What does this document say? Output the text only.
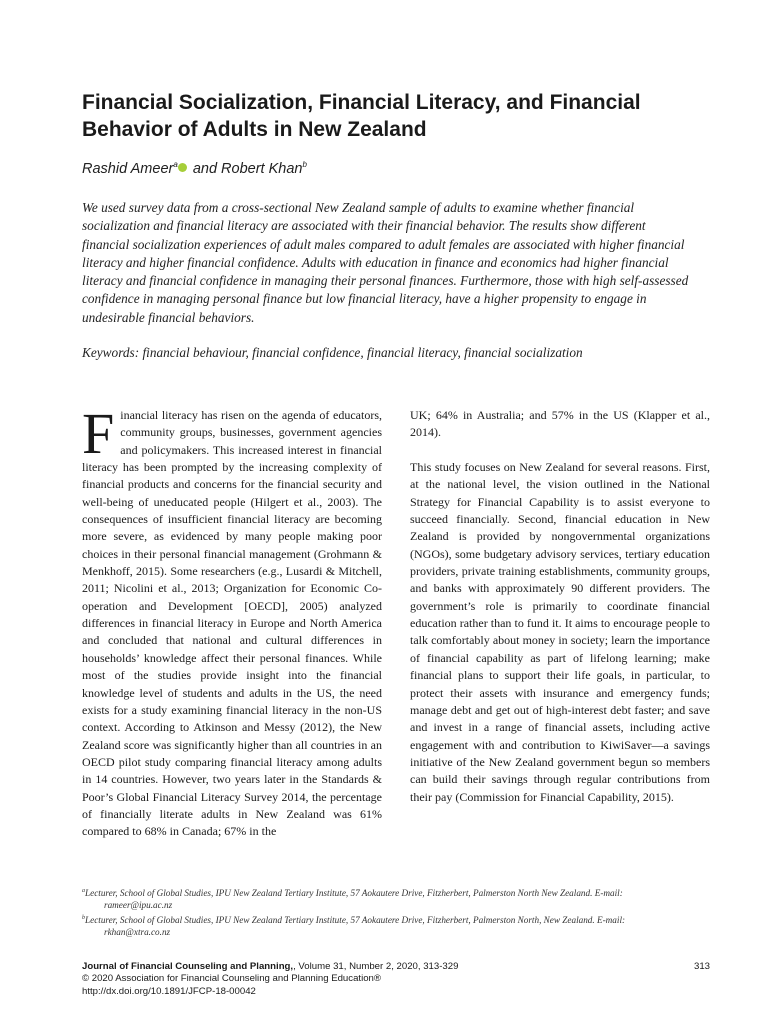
Financial Socialization, Financial Literacy, and Financial Behavior of Adults in New Zealand
Rashid Ameer$^a$ and Robert Khan$^b$

We used survey data from a cross-sectional New Zealand sample of adults to examine whether financial socialization and financial literacy are associated with their financial behavior. The results show different financial socialization experiences of adult males compared to adult females are associated with higher financial literacy and higher financial confidence. Adults with education in finance and economics had higher financial literacy and financial confidence in managing their personal finances. Furthermore, those with high self-assessed confidence in managing personal finance but low financial literacy, have a higher propensity to engage in undesirable financial behaviors.

Keywords: financial behaviour, financial confidence, financial literacy, financial socialization

Financial literacy has risen on the agenda of educators, community groups, businesses, government agencies and policymakers. This increased interest in financial literacy has been prompted by the increasing complexity of financial products and concerns for the financial security and well-being of uneducated people (Hilgert et al., 2003). The consequences of insufficient financial literacy are becoming more severe, as evidenced by many people making poor choices in their personal financial management (Grohmann & Menkhoff, 2015). Some researchers (e.g., Lusardi & Mitchell, 2011; Nicolini et al., 2013; Organization for Economic Co-operation and Development [OECD], 2005) analyzed differences in financial literacy in Europe and North America and concluded that national and cultural differences in households’ knowledge affect their personal finances. While most of the studies provide insight into the financial knowledge level of students and adults in the US, the need exists for a study examining financial literacy in the non-US context. According to Atkinson and Messy (2012), the New Zealand score was significantly higher than all countries in an OECD pilot study comparing financial literacy among adults in 14 countries. However, two years later in the Standards & Poor’s Global Financial Literacy Survey 2014, the percentage of financially literate adults in New Zealand was 61% compared to 68% in Canada; 67% in the

UK; 64% in Australia; and 57% in the US (Klapper et al., 2014).

This study focuses on New Zealand for several reasons. First, at the national level, the vision outlined in the National Strategy for Financial Capability is to assist everyone to succeed financially. Second, financial education in New Zealand is provided by nongovernmental organizations (NGOs), some budgetary advisory services, tertiary education providers, private training establishments, community groups, and banks with approximately 90 different providers. The government’s role is primarily to coordinate financial education rather than to fund it. It aims to encourage people to talk comfortably about money in society; learn the importance of financial capability as part of lifelong learning; make financial plans to support their life goals, in particular, to protect their assets with insurance and emergency funds; manage debt and get out of high-interest debt faster; and save and invest in a range of financial assets, including active engagement with and contribution to KiwiSaver—a savings initiative of the New Zealand government begun so members can build their savings through regular contributions from their pay (Commission for Financial Capability, 2015).

$^a$Lecturer, School of Global Studies, IPU New Zealand Tertiary Institute, 57 Aokautere Drive, Fitzherbert, Palmerston North New Zealand. E-mail:
rameer@ipu.ac.nz

$^b$Lecturer, School of Global Studies, IPU New Zealand Tertiary Institute, 57 Aokautere Drive, Fitzherbert, Palmerston North, New Zealand. E-mail:
rkhan@xtra.co.nz

Journal of Financial Counseling and Planning,, Volume 31, Number 2, 2020, 313-329
© 2020 Association for Financial Counseling and Planning Education®
http://dx.doi.org/10.1891/JFCP-18-00042
313
